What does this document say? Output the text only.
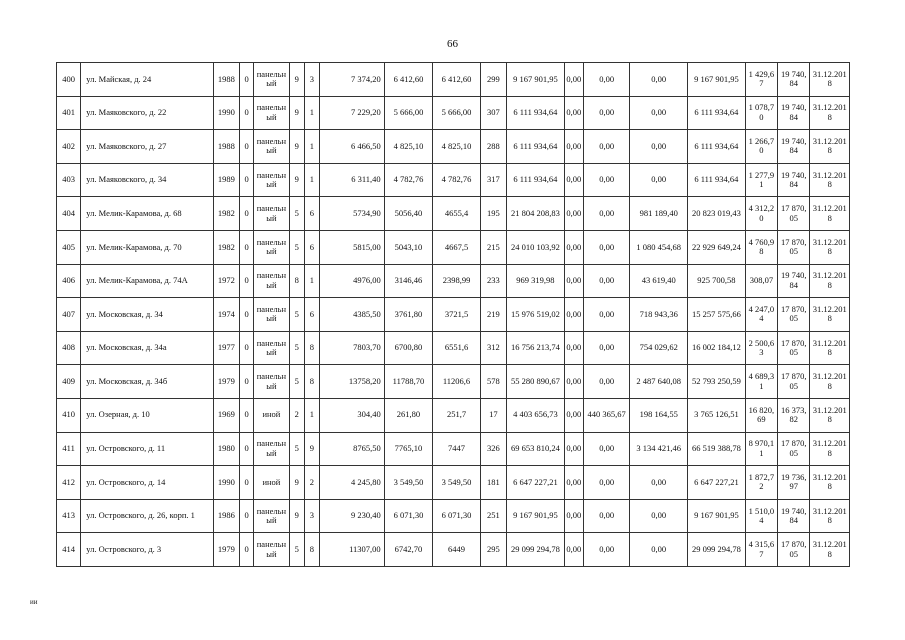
66
400	ул. Майская, д. 24	1988	0	панельный	9	3	7 374,20	6 412,60	6 412,60	299	9 167 901,95	0,00	0,00	0,00	9 167 901,95	1 429,67	19 740,84	31.12.2018
401	ул. Маяковского, д. 22	1990	0	панельный	9	1	7 229,20	5 666,00	5 666,00	307	6 111 934,64	0,00	0,00	0,00	6 111 934,64	1 078,70	19 740,84	31.12.2018
402	ул. Маяковского, д. 27	1988	0	панельный	9	1	6 466,50	4 825,10	4 825,10	288	6 111 934,64	0,00	0,00	0,00	6 111 934,64	1 266,70	19 740,84	31.12.2018
403	ул. Маяковского, д. 34	1989	0	панельный	9	1	6 311,40	4 782,76	4 782,76	317	6 111 934,64	0,00	0,00	0,00	6 111 934,64	1 277,91	19 740,84	31.12.2018
404	ул. Мелик-Карамова, д. 68	1982	0	панельный	5	6	5734,90	5056,40	4655,4	195	21 804 208,83	0,00	0,00	981 189,40	20 823 019,43	4 312,20	17 870,05	31.12.2018
405	ул. Мелик-Карамова, д. 70	1982	0	панельный	5	6	5815,00	5043,10	4667,5	215	24 010 103,92	0,00	0,00	1 080 454,68	22 929 649,24	4 760,98	17 870,05	31.12.2018
406	ул. Мелик-Карамова, д. 74А	1972	0	панельный	8	1	4976,00	3146,46	2398,99	233	969 319,98	0,00	0,00	43 619,40	925 700,58	308,07	19 740,84	31.12.2018
407	ул. Московская, д. 34	1974	0	панельный	5	6	4385,50	3761,80	3721,5	219	15 976 519,02	0,00	0,00	718 943,36	15 257 575,66	4 247,04	17 870,05	31.12.2018
408	ул. Московская, д. 34а	1977	0	панельный	5	8	7803,70	6700,80	6551,6	312	16 756 213,74	0,00	0,00	754 029,62	16 002 184,12	2 500,63	17 870,05	31.12.2018
409	ул. Московская, д. 34б	1979	0	панельный	5	8	13758,20	11788,70	11206,6	578	55 280 890,67	0,00	0,00	2 487 640,08	52 793 250,59	4 689,31	17 870,05	31.12.2018
410	ул. Озерная, д. 10	1969	0	иной	2	1	304,40	261,80	251,7	17	4 403 656,73	0,00	440 365,67	198 164,55	3 765 126,51	16 820,69	16 373,82	31.12.2018
411	ул. Островского, д. 11	1980	0	панельный	5	9	8765,50	7765,10	7447	326	69 653 810,24	0,00	0,00	3 134 421,46	66 519 388,78	8 970,11	17 870,05	31.12.2018
412	ул. Островского, д. 14	1990	0	иной	9	2	4 245,80	3 549,50	3 549,50	181	6 647 227,21	0,00	0,00	0,00	6 647 227,21	1 872,72	19 736,97	31.12.2018
413	ул. Островского, д. 26, корп. 1	1986	0	панельный	9	3	9 230,40	6 071,30	6 071,30	251	9 167 901,95	0,00	0,00	0,00	9 167 901,95	1 510,04	19 740,84	31.12.2018
414	ул. Островского, д. 3	1979	0	панельный	5	8	11307,00	6742,70	6449	295	29 099 294,78	0,00	0,00	0,00	29 099 294,78	4 315,67	17 870,05	31.12.2018
ии
